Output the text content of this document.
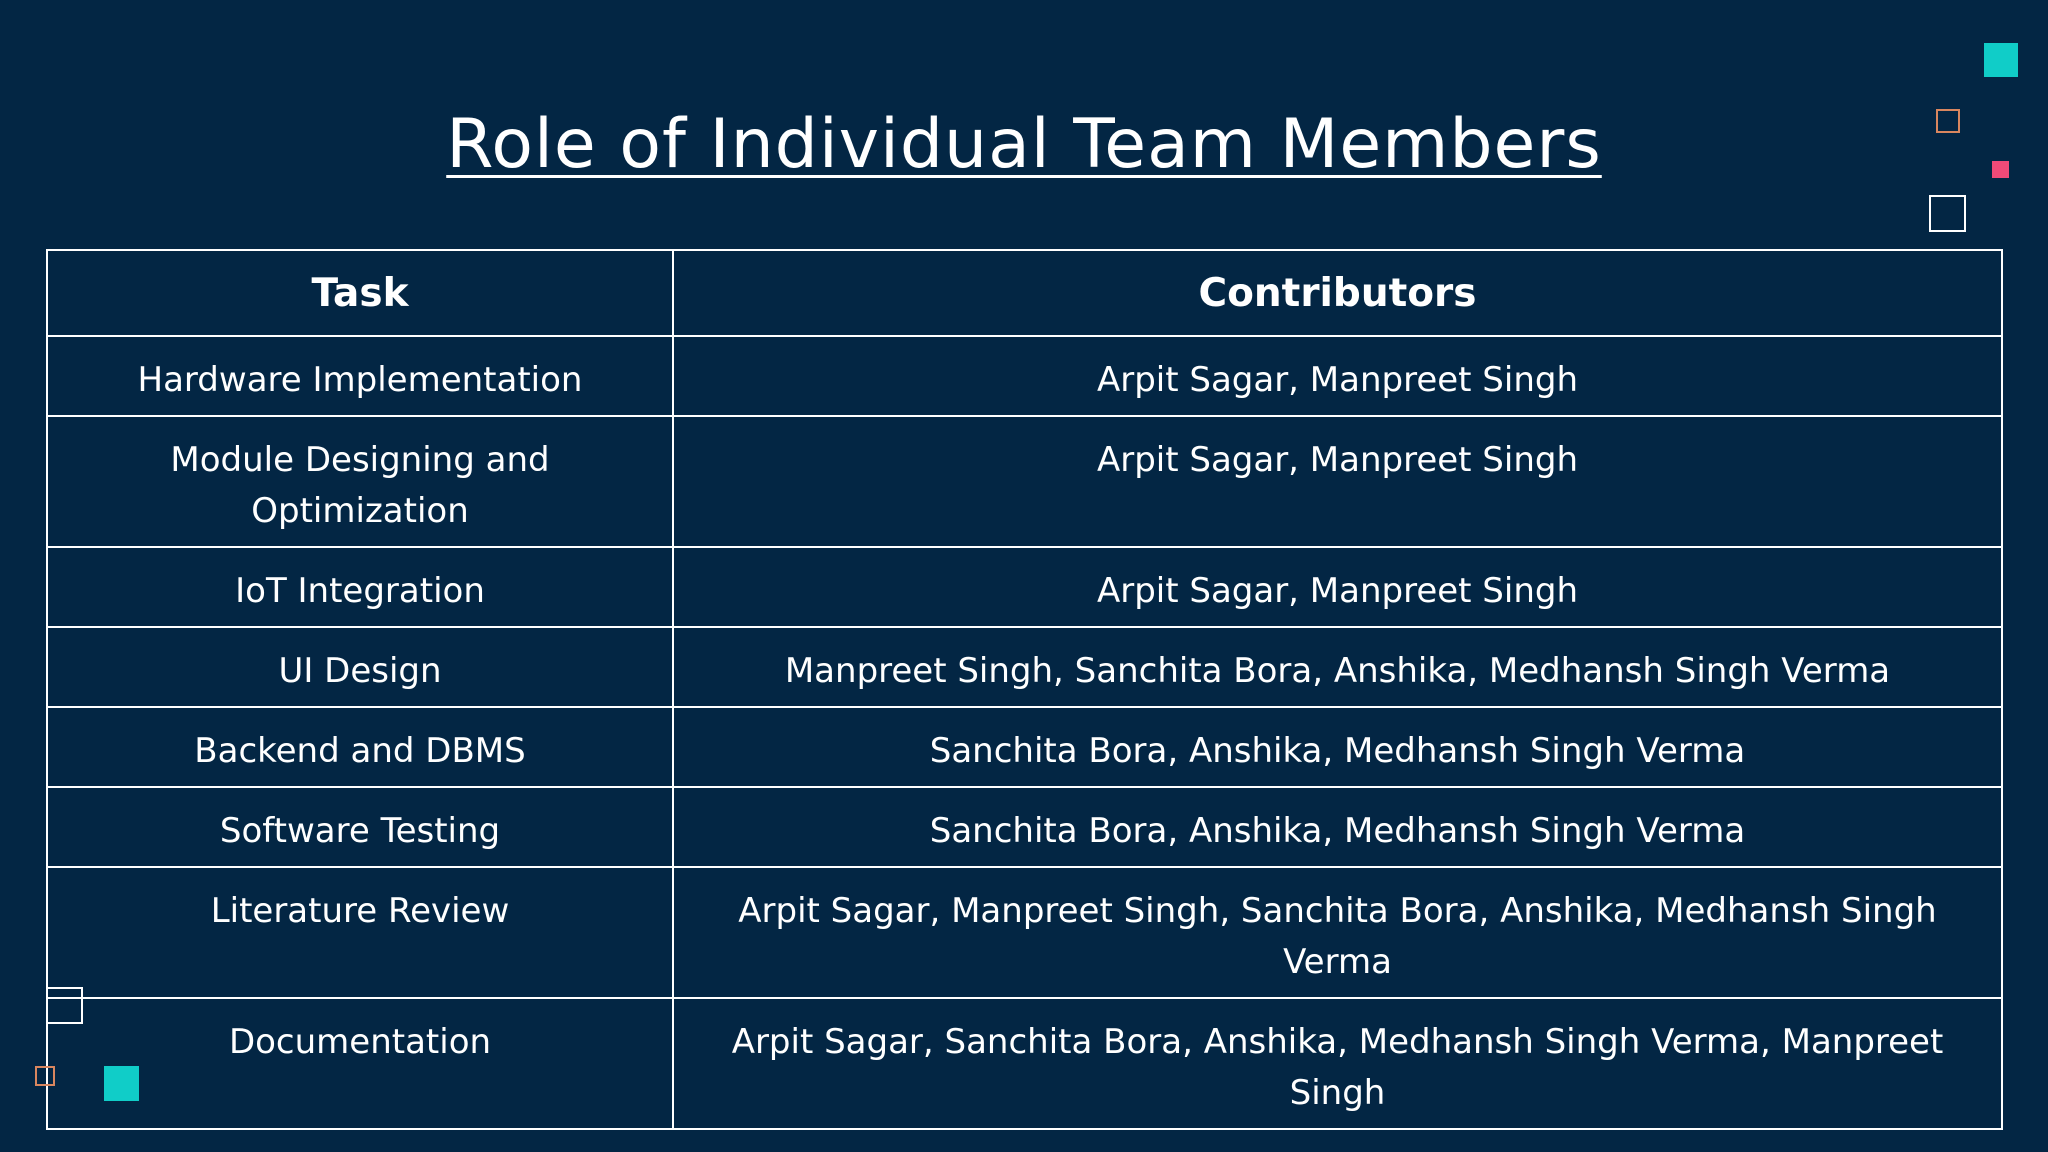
Role of Individual Team Members
Task	Contributors
Hardware Implementation	Arpit Sagar, Manpreet Singh
Module Designing and Optimization	Arpit Sagar, Manpreet Singh
IoT Integration	Arpit Sagar, Manpreet Singh
UI Design	Manpreet Singh, Sanchita Bora, Anshika, Medhansh Singh Verma
Backend and DBMS	Sanchita Bora, Anshika, Medhansh Singh Verma
Software Testing	Sanchita Bora, Anshika, Medhansh Singh Verma
Literature Review	Arpit Sagar, Manpreet Singh, Sanchita Bora, Anshika, Medhansh Singh Verma
Documentation	Arpit Sagar, Sanchita Bora, Anshika, Medhansh Singh Verma, Manpreet Singh
